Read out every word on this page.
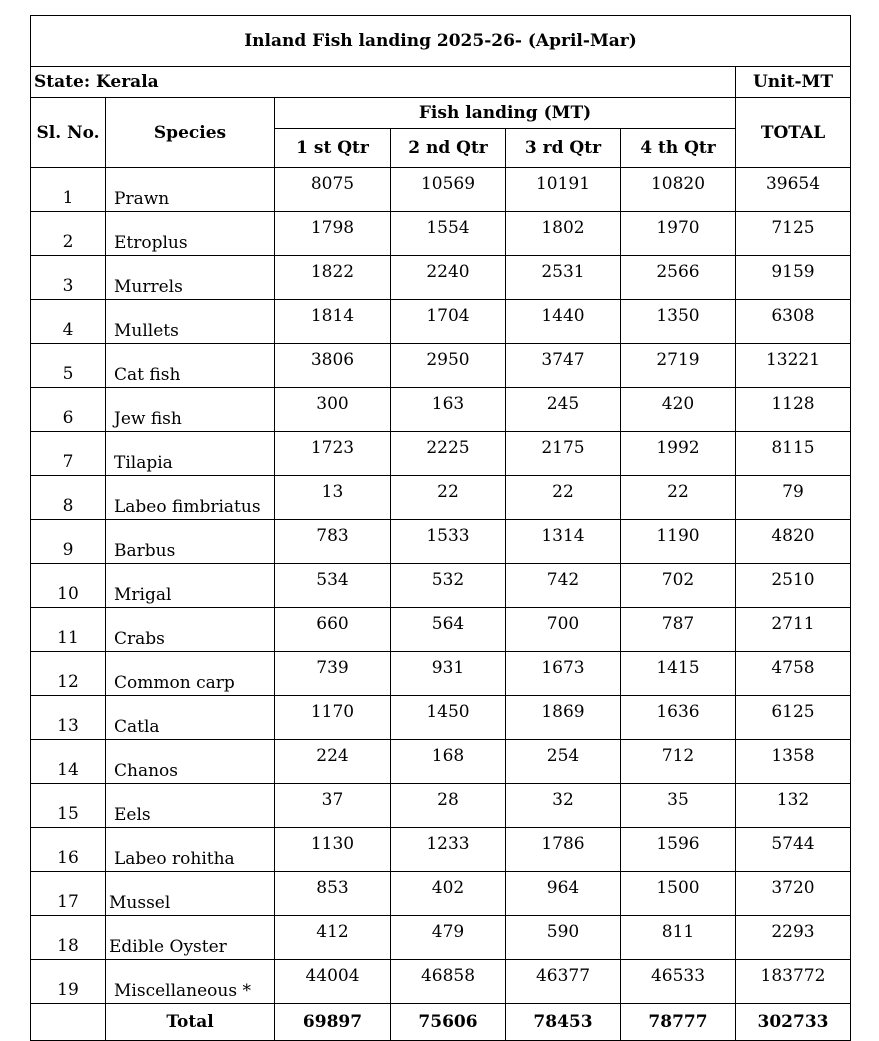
Inland Fish landing 2025-26- (April-Mar)						
State: Kerala						Unit-MT
Sl. No.	Species	Fish landing (MT)				TOTAL
		1 st Qtr	2 nd Qtr	3 rd Qtr	4 th Qtr	
1	Prawn	8075	10569	10191	10820	39654
2	Etroplus	1798	1554	1802	1970	7125
3	Murrels	1822	2240	2531	2566	9159
4	Mullets	1814	1704	1440	1350	6308
5	Cat fish	3806	2950	3747	2719	13221
6	Jew fish	300	163	245	420	1128
7	Tilapia	1723	2225	2175	1992	8115
8	Labeo fimbriatus	13	22	22	22	79
9	Barbus	783	1533	1314	1190	4820
10	Mrigal	534	532	742	702	2510
11	Crabs	660	564	700	787	2711
12	Common carp	739	931	1673	1415	4758
13	Catla	1170	1450	1869	1636	6125
14	Chanos	224	168	254	712	1358
15	Eels	37	28	32	35	132
16	Labeo rohitha	1130	1233	1786	1596	5744
17	Mussel	853	402	964	1500	3720
18	Edible Oyster	412	479	590	811	2293
19	Miscellaneous *	44004	46858	46377	46533	183772
	Total	69897	75606	78453	78777	302733
